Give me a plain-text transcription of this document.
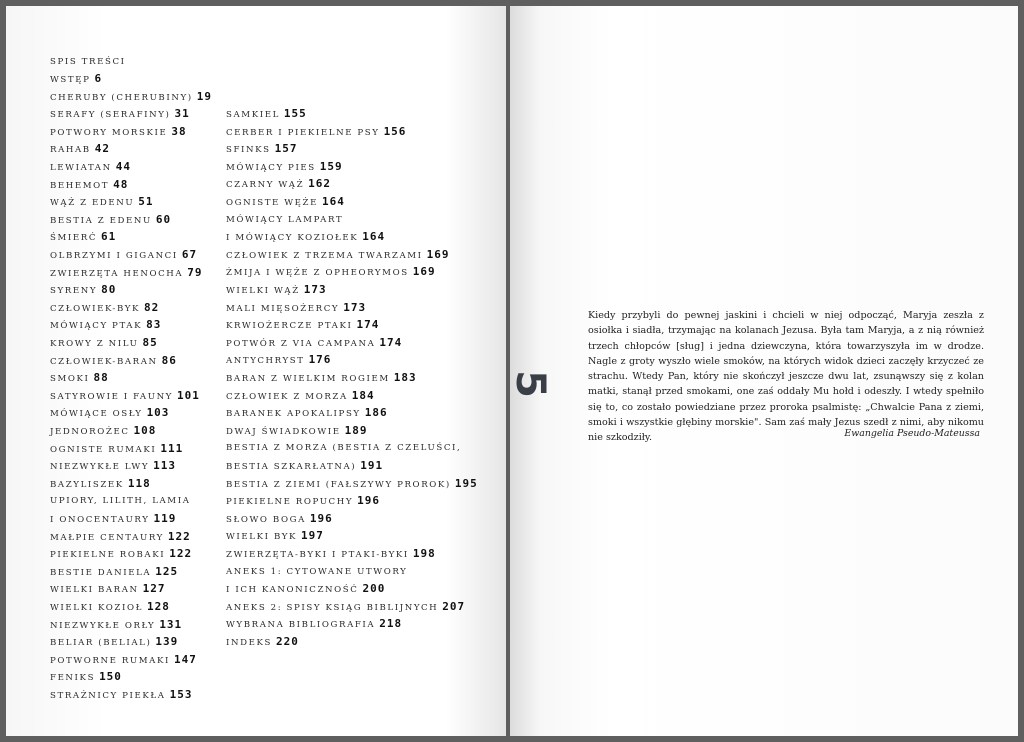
SPIS TREŚCI
WSTĘP 6
CHERUBY (CHERUBINY) 19
SERAFY (SERAFINY) 31
POTWORY MORSKIE 38
RAHAB 42
LEWIATAN 44
BEHEMOT 48
WĄŻ Z EDENU 51
BESTIA Z EDENU 60
ŚMIERĆ 61
OLBRZYMI I GIGANCI 67
ZWIERZĘTA HENOCHA 79
SYRENY 80
CZŁOWIEK-BYK 82
MÓWIĄCY PTAK 83
KROWY Z NILU 85
CZŁOWIEK-BARAN 86
SMOKI 88
SATYROWIE I FAUNY 101
MÓWIĄCE OSŁY 103
JEDNOROŻEC 108
OGNISTE RUMAKI 111
NIEZWYKŁE LWY 113
BAZYLISZEK 118
UPIORY, LILITH, LAMIA
I ONOCENTAURY 119
MAŁPIE CENTAURY 122
PIEKIELNE ROBAKI 122
BESTIE DANIELA 125
WIELKI BARAN 127
WIELKI KOZIOŁ 128
NIEZWYKŁE ORŁY 131
BELIAR (BELIAL) 139
POTWORNE RUMAKI 147
FENIKS 150
STRAŻNICY PIEKŁA 153
SAMKIEL 155
CERBER I PIEKIELNE PSY 156
SFINKS 157
MÓWIĄCY PIES 159
CZARNY WĄŻ 162
OGNISTE WĘŻE 164
MÓWIĄCY LAMPART
I MÓWIĄCY KOZIOŁEK 164
CZŁOWIEK Z TRZEMA TWARZAMI 169
ŻMIJA I WĘŻE Z OPHEORYMOS 169
WIELKI WĄŻ 173
MALI MIĘSOŻERCY 173
KRWIOŻERCZE PTAKI 174
POTWÓR Z VIA CAMPANA 174
ANTYCHRYST 176
BARAN Z WIELKIM ROGIEM 183
CZŁOWIEK Z MORZA 184
BARANEK APOKALIPSY 186
DWAJ ŚWIADKOWIE 189
BESTIA Z MORZA (BESTIA Z CZELUŚCI,
BESTIA SZKARŁATNA) 191
BESTIA Z ZIEMI (FAŁSZYWY PROROK) 195
PIEKIELNE ROPUCHY 196
SŁOWO BOGA 196
WIELKI BYK 197
ZWIERZĘTA-BYKI I PTAKI-BYKI 198
ANEKS 1: CYTOWANE UTWORY
I ICH KANONICZNOŚĆ 200
ANEKS 2: SPISY KSIĄG BIBLIJNYCH 207
WYBRANA BIBLIOGRAFIA 218
INDEKS 220
5
Kiedy przybyli do pewnej jaskini i chcieli w niej odpocząć, Maryja zeszła z osiołka i siadła, trzymając na kolanach Jezusa. Była tam Maryja, a z nią również trzech chłopców [sług] i jedna dziewczyna, która towarzyszyła im w drodze. Nagle z groty wyszło wiele smoków, na których widok dzieci zaczęły krzyczeć ze strachu. Wtedy Pan, który nie skończył jeszcze dwu lat, zsunąwszy się z kolan matki, stanął przed smokami, one zaś oddały Mu hołd i odeszły. I wtedy spełniło się to, co zostało powiedziane przez proroka psalmistę: „Chwalcie Pana z ziemi, smoki i wszystkie głębiny morskie". Sam zaś mały Jezus szedł z nimi, aby nikomu nie szkodziły.	Ewangelia Pseudo-Mateussa
